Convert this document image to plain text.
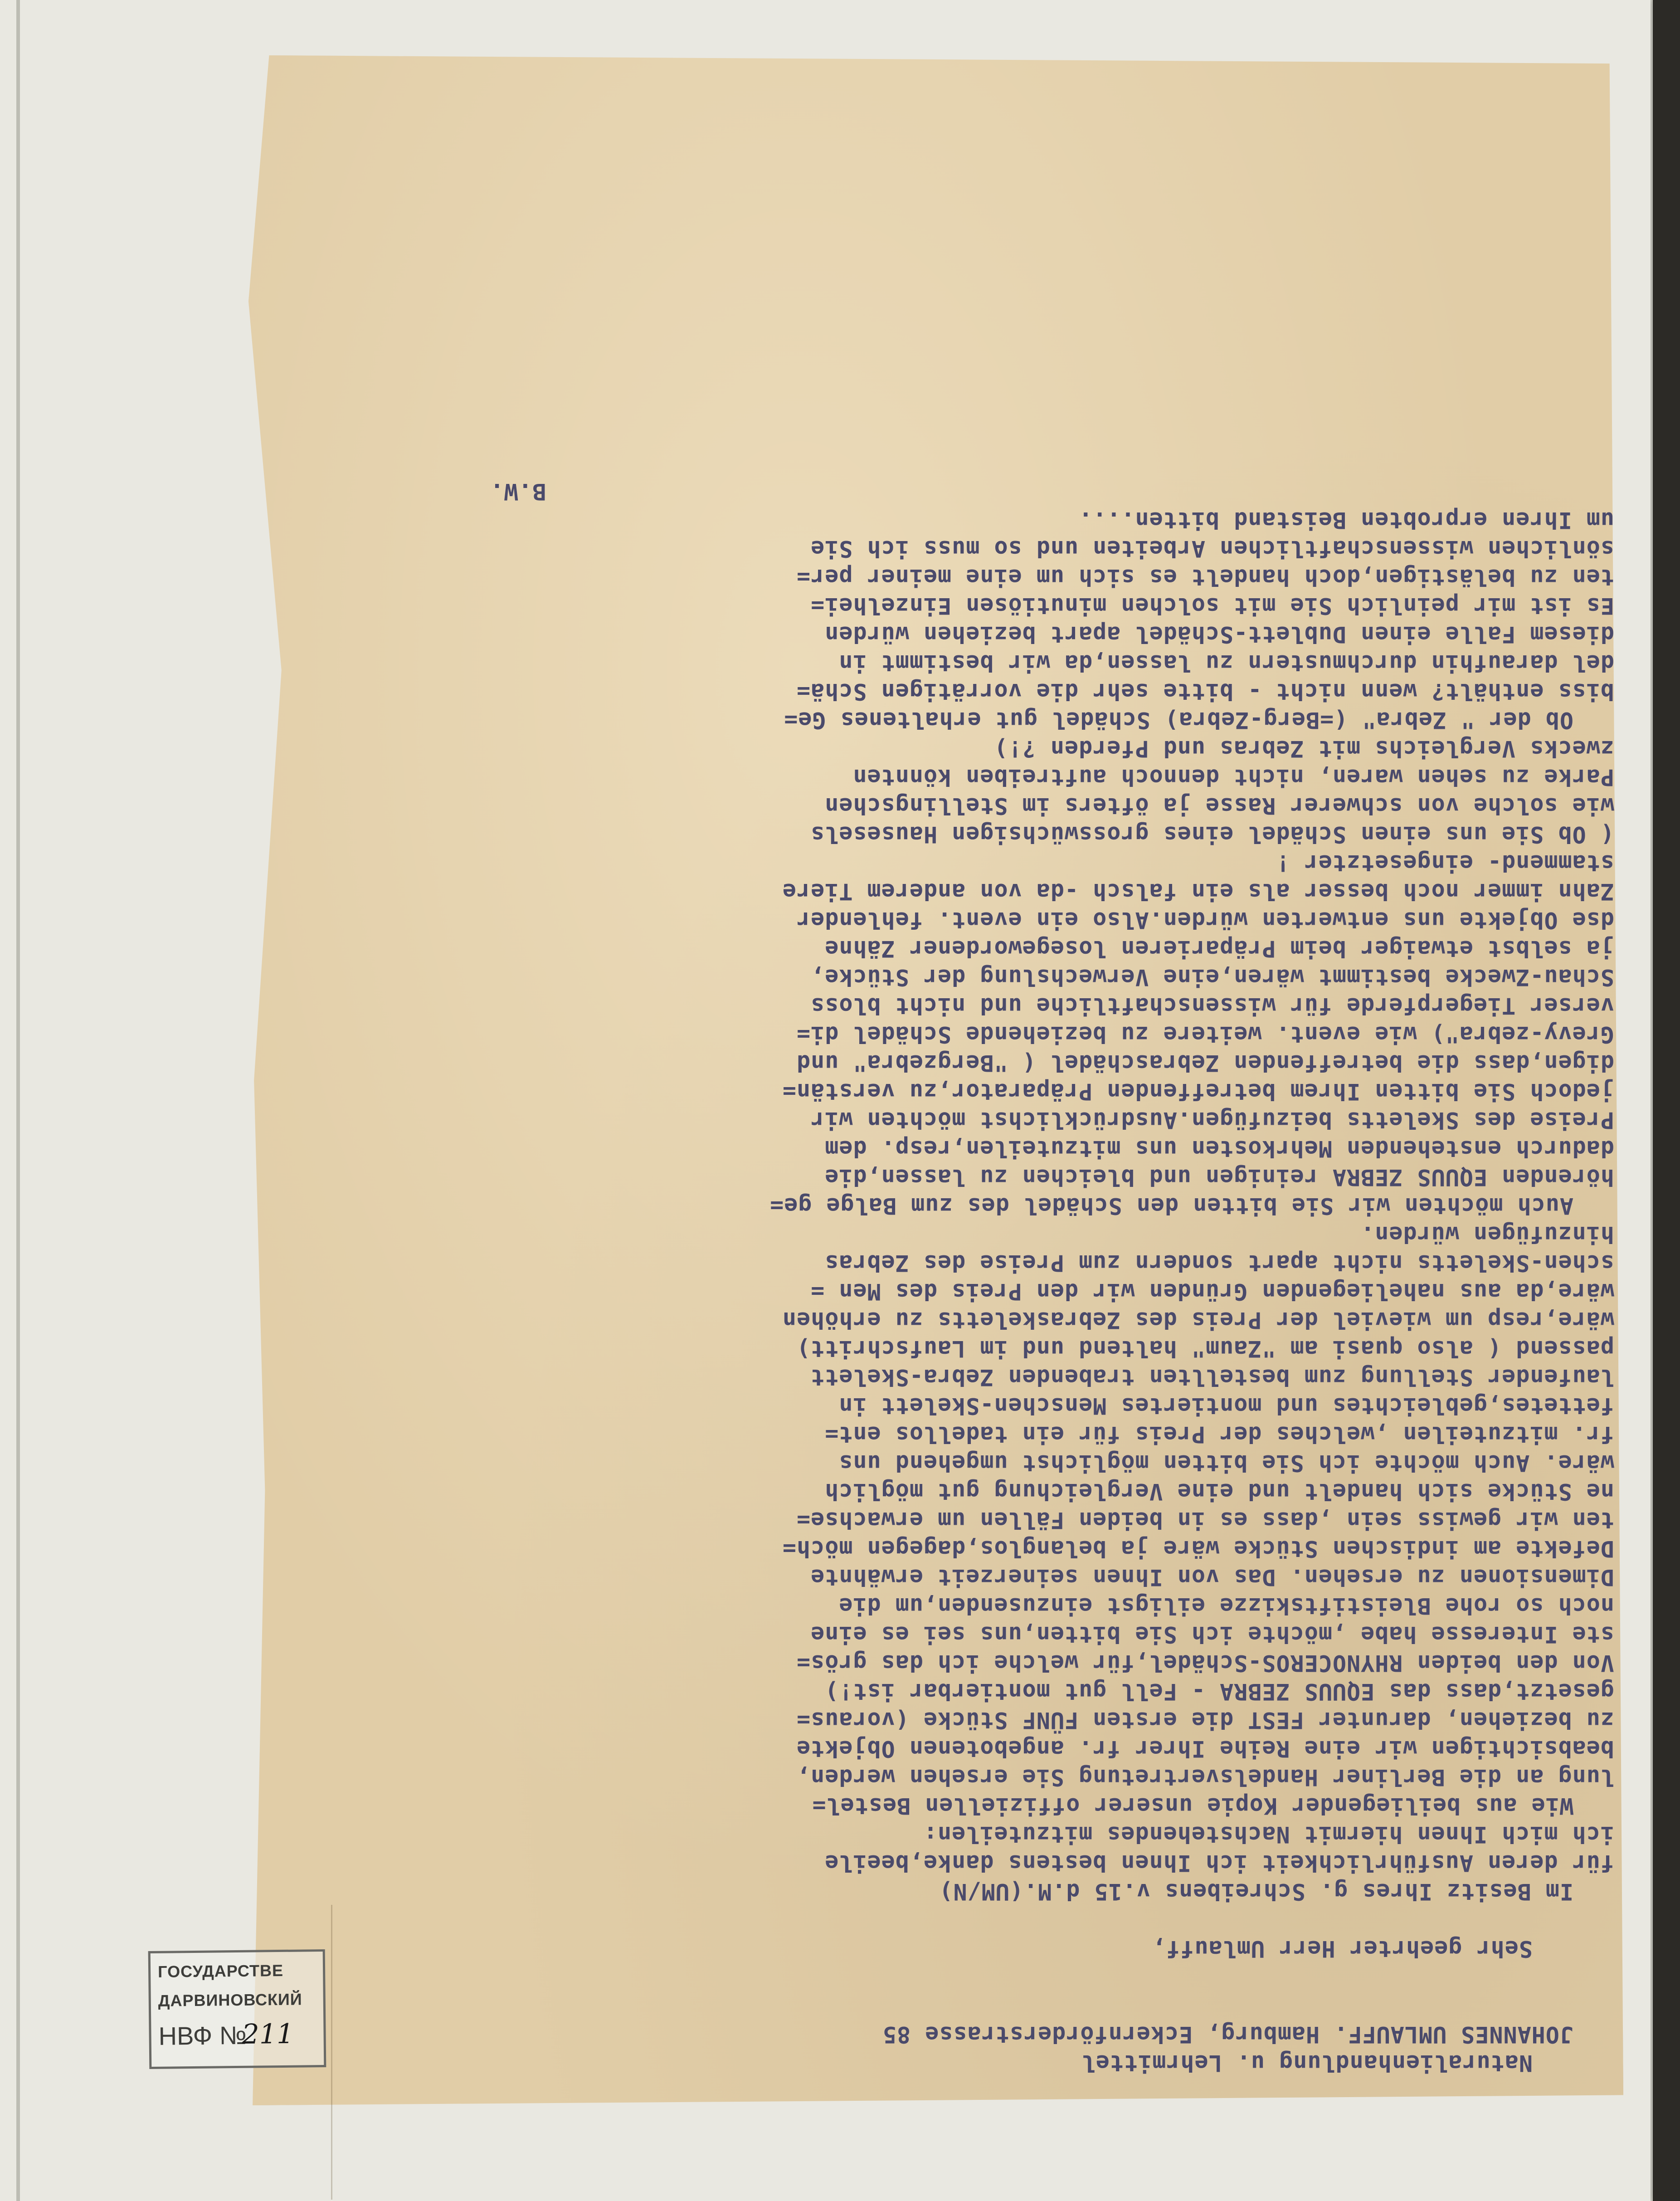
Naturalienhandlung u. Lehrmittel
JOHANNES UMLAUFF. Hamburg, Eckernförderstrasse 85
Sehr geehrter Herr Umlauff,
Im Besitz Ihres g. Schreibens v.15 d.M.(UM/N)
für deren Ausführlichkeit ich Ihnen bestens danke,beeile
ich mich Ihnen hiermit Nachstehendes mitzuteilen:
Wie aus beiliegender Kopie unserer offiziellen Bestel=
lung an die Berliner Handelsvertretung Sie ersehen werden,
beabsichtigen wir eine Reihe Ihrer fr. angebotenen Objekte
zu beziehen, darunter FEST die ersten FÜNF Stücke (voraus=
gesetzt,dass das EQUUS ZEBRA - Fell gut montierbar ist!)
Von den beiden RHYNOCEROS-Schädel,für welche ich das grös=
ste Interesse habe ,möchte ich Sie bitten,uns sei es eine
noch so rohe Bleistiftskizze eiligst einzusenden,um die
Dimensionen zu ersehen. Das von Ihnen seinerzeit erwähnte
Defekte am indischen Stücke wäre ja belanglos,dagegen möch=
ten wir gewiss sein ,dass es in beiden Fällen um erwachse=
ne Stücke sich handelt und eine Vergleichung gut möglich
wäre. Auch möchte ich Sie bitten möglichst umgehend uns
fr. mitzuteilen ,welches der Preis für ein tadellos ent=
fettetes,gebleichtes und montiertes Menschen-Skelett in
laufender Stellung zum bestellten trabenden Zebra-Skelett
passend ( also quasi am "Zaum" haltend und im Laufschritt)
wäre,resp um wieviel der Preis des Zebraskeletts zu erhöhen
wäre,da aus naheliegenden Gründen wir den Preis des Men =
schen-Skeletts nicht apart sondern zum Preise des Zebras
hinzufügen würden.
Auch möchten wir Sie bitten den Schädel des zum Balge ge=
hörenden EQUUS ZEBRA reinigen und bleichen zu lassen,die
dadurch enstehenden Mehrkosten uns mitzuteilen,resp. dem
Preise des Skeletts beizufügen.Ausdrücklichst möchten wir
jedoch Sie bitten Ihrem betreffenden Präparator,zu verstän=
digen,dass die betreffenden Zebraschädel ( "Bergzebra" und
Grevy-zebra") wie event. weitere zu beziehende Schädel di=
verser Tiegerpferde für wissenschaftliche und nicht bloss
Schau-Zwecke bestimmt wären,eine Verwechslung der Stücke,
ja selbst etwaiger beim Präparieren losegewordener Zähne
dse Objekte uns entwerten würden.Also ein event. fehlender
Zahn immer noch besser als ein falsch -da von anderem Tiere
stammend- eingesetzter !
( Ob Sie uns einen Schädel eines grosswüchsigen Hausesels
wie solche von schwerer Rasse ja öfters im Stellingschen
Parke zu sehen waren, nicht dennoch auftreiben könnten
zwecks Vergleichs mit Zebras und Pferden ?!)
Ob der " Zebra" (=Berg-Zebra) Schädel gut erhaltenes Ge=
biss enthält? wenn nicht - bitte sehr die vorrätigen Schä=
del daraufhin durchmustern zu lassen,da wir bestimmt in
diesem Falle einen Dublett-Schädel apart beziehen würden
Es ist mir peinlich Sie mit solchen minutiösen Einzelhei=
ten zu belästigen,doch handelt es sich um eine meiner per=
sönlichen wissenschaftlichen Arbeiten und so muss ich Sie
um Ihren erprobten Beistand bitten....
B.W.
ГОСУДАРСТВЕ
ДАРВИНОВСКИЙ
НВФ №
211
